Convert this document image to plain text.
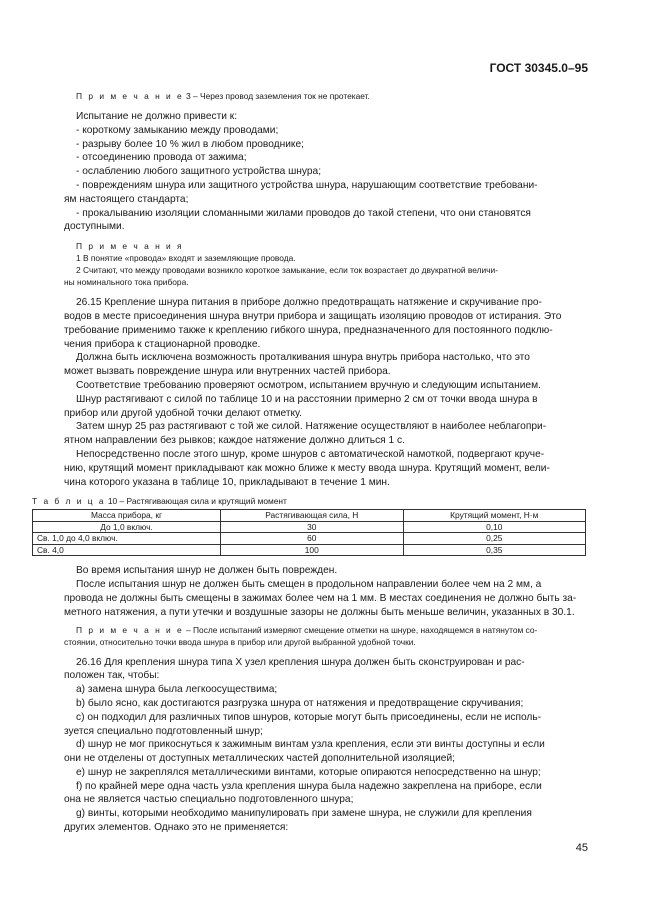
ГОСТ 30345.0–95

П р и м е ч а н и е 3 – Через провод заземления ток не протекает.

Испытание не должно привести к:

- короткому замыканию между проводами;

- разрыву более 10 % жил в любом проводнике;

- отсоединению провода от зажима;

- ослаблению любого защитного устройства шнура;

- повреждениям шнура или защитного устройства шнура, нарушающим соответствие требовани-

ям настоящего стандарта;

- прокалыванию изоляции сломанными жилами проводов до такой степени, что они становятся

доступными.

П р и м е ч а н и я

1 В понятие «провода» входят и заземляющие провода.

2 Считают, что между проводами возникло короткое замыкание, если ток возрастает до двукратной величи-

ны номинального тока прибора.

26.15 Крепление шнура питания в приборе должно предотвращать натяжение и скручивание про-

водов в месте присоединения шнура внутри прибора и защищать изоляцию проводов от истирания. Это

требование применимо также к креплению гибкого шнура, предназначенного для постоянного подклю-

чения прибора к стационарной проводке.

Должна быть исключена возможность проталкивания шнура внутрь прибора настолько, что это

может вызвать повреждение шнура или внутренних частей прибора.

Соответствие требованию проверяют осмотром, испытанием вручную и следующим испытанием.

Шнур растягивают с силой по таблице 10 и на расстоянии примерно 2 см от точки ввода шнура в

прибор или другой удобной точки делают отметку.

Затем шнур 25 раз растягивают с той же силой. Натяжение осуществляют в наиболее неблагопри-

ятном направлении без рывков; каждое натяжение должно длиться 1 с.

Непосредственно после этого шнур, кроме шнуров с автоматической намоткой, подвергают круче-

нию, крутящий момент прикладывают как можно ближе к месту ввода шнура. Крутящий момент, вели-

чина которого указана в таблице 10, прикладывают в течение 1 мин.

Т а б л и ц а 10 – Растягивающая сила и крутящий момент

Масса прибора, кг	Растягивающая сила, Н	Крутящий момент, Н·м
До 1,0 включ.	30	0,10
Св. 1,0 до 4,0 включ.	60	0,25
Св. 4,0	100	0,35

Во время испытания шнур не должен быть поврежден.

После испытания шнур не должен быть смещен в продольном направлении более чем на 2 мм, а

провода не должны быть смещены в зажимах более чем на 1 мм. В местах соединения не должно быть за-

метного натяжения, а пути утечки и воздушные зазоры не должны быть меньше величин, указанных в 30.1.

П р и м е ч а н и е – После испытаний измеряют смещение отметки на шнуре, находящемся в натянутом со-

стоянии, относительно точки ввода шнура в прибор или другой выбранной удобной точки.

26.16 Для крепления шнура типа Х узел крепления шнура должен быть сконструирован и рас-

положен так, чтобы:

a) замена шнура была легкоосуществима;

b) было ясно, как достигаются разгрузка шнура от натяжения и предотвращение скручивания;

c) он подходил для различных типов шнуров, которые могут быть присоединены, если не исполь-

зуется специально подготовленный шнур;

d) шнур не мог прикоснуться к зажимным винтам узла крепления, если эти винты доступны и если

они не отделены от доступных металлических частей дополнительной изоляцией;

e) шнур не закреплялся металлическими винтами, которые опираются непосредственно на шнур;

f) по крайней мере одна часть узла крепления шнура была надежно закреплена на приборе, если

она не является частью специально подготовленного шнура;

g) винты, которыми необходимо манипулировать при замене шнура, не служили для крепления

других элементов. Однако это не применяется:

45
